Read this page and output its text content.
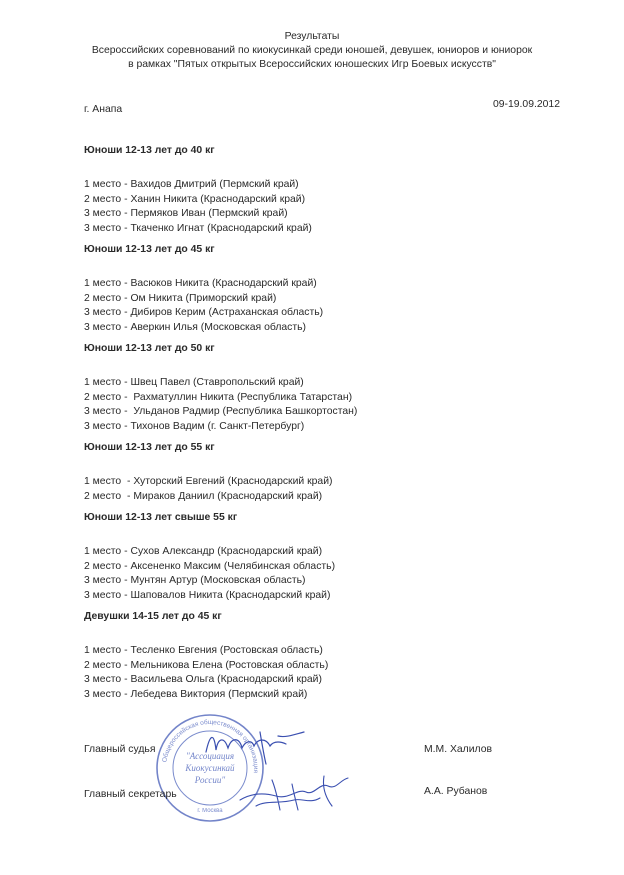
Результаты
Всероссийских соревнований по киокусинкай среди юношей, девушек, юниоров и юниорок
в рамках "Пятых открытых Всероссийских юношеских Игр Боевых искусств"
г. Анапа	09-19.09.2012
Юноши 12-13 лет до 40 кг
1 место - Вахидов Дмитрий (Пермский край)
2 место - Ханин Никита (Краснодарский край)
3 место - Пермяков Иван (Пермский край)
3 место - Ткаченко Игнат (Краснодарский край)
Юноши 12-13 лет до 45 кг
1 место - Васюков Никита (Краснодарский край)
2 место - Ом Никита (Приморский край)
3 место - Дибиров Керим (Астраханская область)
3 место - Аверкин Илья (Московская область)
Юноши 12-13 лет до 50 кг
1 место - Швец Павел (Ставропольский край)
2 место -  Рахматуллин Никита (Республика Татарстан)
3 место -  Ульданов Радмир (Республика Башкортостан)
3 место - Тихонов Вадим (г. Санкт-Петербург)
Юноши 12-13 лет до 55 кг
1 место  - Хуторский Евгений (Краснодарский край)
2 место  - Мираков Даниил (Краснодарский край)
Юноши 12-13 лет свыше 55 кг
1 место - Сухов Александр (Краснодарский край)
2 место - Аксененко Максим (Челябинская область)
3 место - Мунтян Артур (Московская область)
3 место - Шаповалов Никита (Краснодарский край)
Девушки 14-15 лет до 45 кг
1 место - Тесленко Евгения (Ростовская область)
2 место - Мельникова Елена (Ростовская область)
3 место - Васильева Ольга (Краснодарский край)
3 место - Лебедева Виктория (Пермский край)
Общероссийская общественная организация
"Ассоциация
Киокусинкай
России"
г. Москва
Главный судья	М.М. Халилов
Главный секретарь	А.А. Рубанов
